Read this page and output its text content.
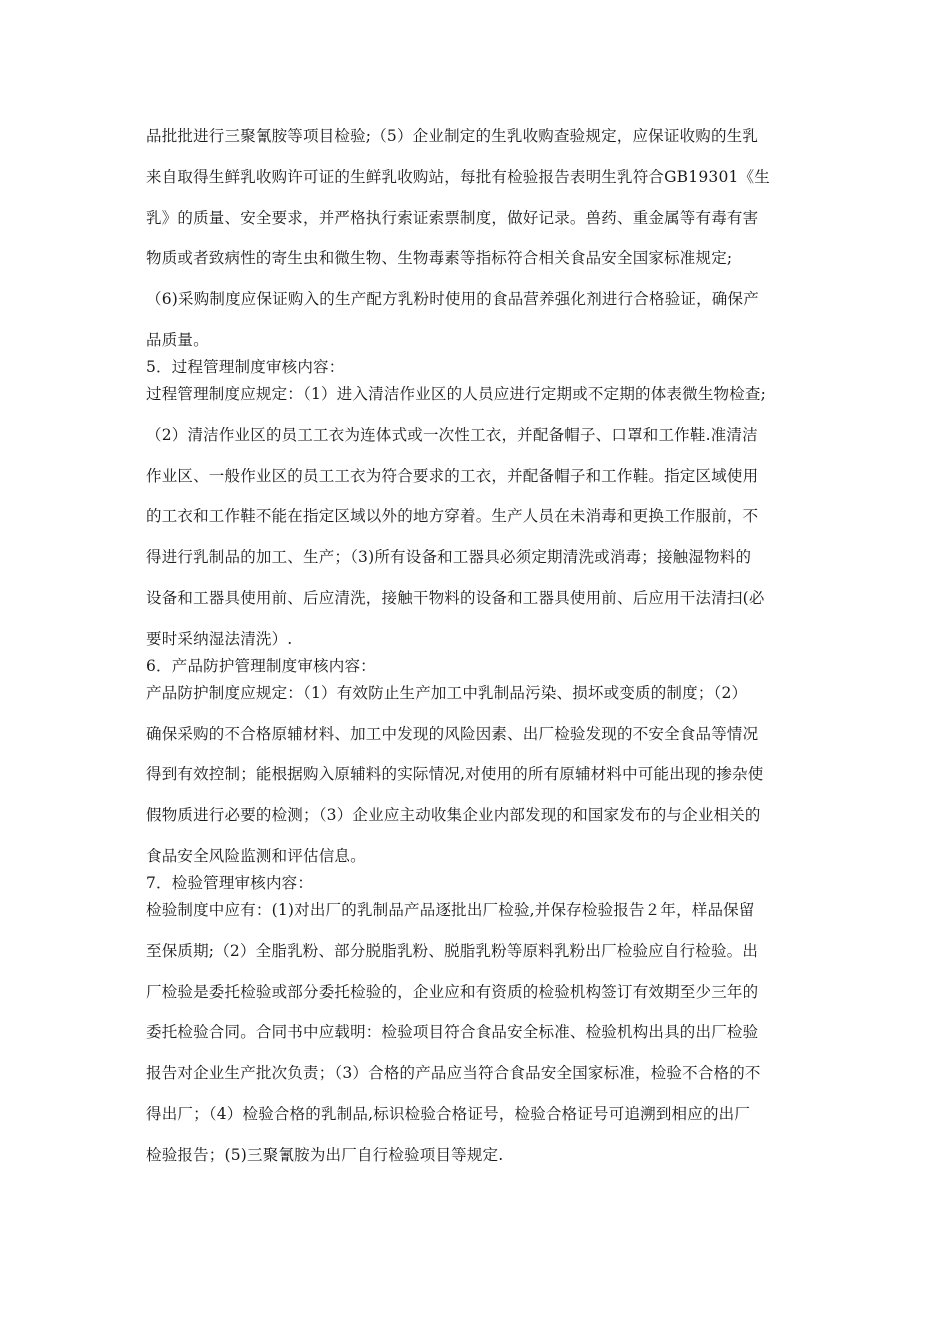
品批批进行三聚氰胺等项目检验;（5）企业制定的生乳收购查验规定，应保证收购的生乳
来自取得生鲜乳收购许可证的生鲜乳收购站，每批有检验报告表明生乳符合GB19301《生
乳》的质量、安全要求，并严格执行索证索票制度，做好记录。兽药、重金属等有毒有害
物质或者致病性的寄生虫和微生物、生物毒素等指标符合相关食品安全国家标准规定;
（6)采购制度应保证购入的生产配方乳粉时使用的食品营养强化剂进行合格验证，确保产
品质量。
5．过程管理制度审核内容：
过程管理制度应规定：（1）进入清洁作业区的人员应进行定期或不定期的体表微生物检查;
（2）清洁作业区的员工工衣为连体式或一次性工衣，并配备帽子、口罩和工作鞋.准清洁
作业区、一般作业区的员工工衣为符合要求的工衣，并配备帽子和工作鞋。指定区域使用
的工衣和工作鞋不能在指定区域以外的地方穿着。生产人员在未消毒和更换工作服前，不
得进行乳制品的加工、生产；（3)所有设备和工器具必须定期清洗或消毒；接触湿物料的
设备和工器具使用前、后应清洗，接触干物料的设备和工器具使用前、后应用干法清扫(必
要时采纳湿法清洗）.
6．产品防护管理制度审核内容：
产品防护制度应规定：（1）有效防止生产加工中乳制品污染、损坏或变质的制度；（2）
确保采购的不合格原辅材料、加工中发现的风险因素、出厂检验发现的不安全食品等情况
得到有效控制；能根据购入原辅料的实际情况,对使用的所有原辅材料中可能出现的掺杂使
假物质进行必要的检测；（3）企业应主动收集企业内部发现的和国家发布的与企业相关的
食品安全风险监测和评估信息。
7．检验管理审核内容：
检验制度中应有：(1)对出厂的乳制品产品逐批出厂检验,并保存检验报告２年，样品保留
至保质期;（2）全脂乳粉、部分脱脂乳粉、脱脂乳粉等原料乳粉出厂检验应自行检验。出
厂检验是委托检验或部分委托检验的，企业应和有资质的检验机构签订有效期至少三年的
委托检验合同。合同书中应载明：检验项目符合食品安全标准、检验机构出具的出厂检验
报告对企业生产批次负责；（3）合格的产品应当符合食品安全国家标准，检验不合格的不
得出厂；（4）检验合格的乳制品,标识检验合格证号，检验合格证号可追溯到相应的出厂
检验报告；(5)三聚氰胺为出厂自行检验项目等规定.
